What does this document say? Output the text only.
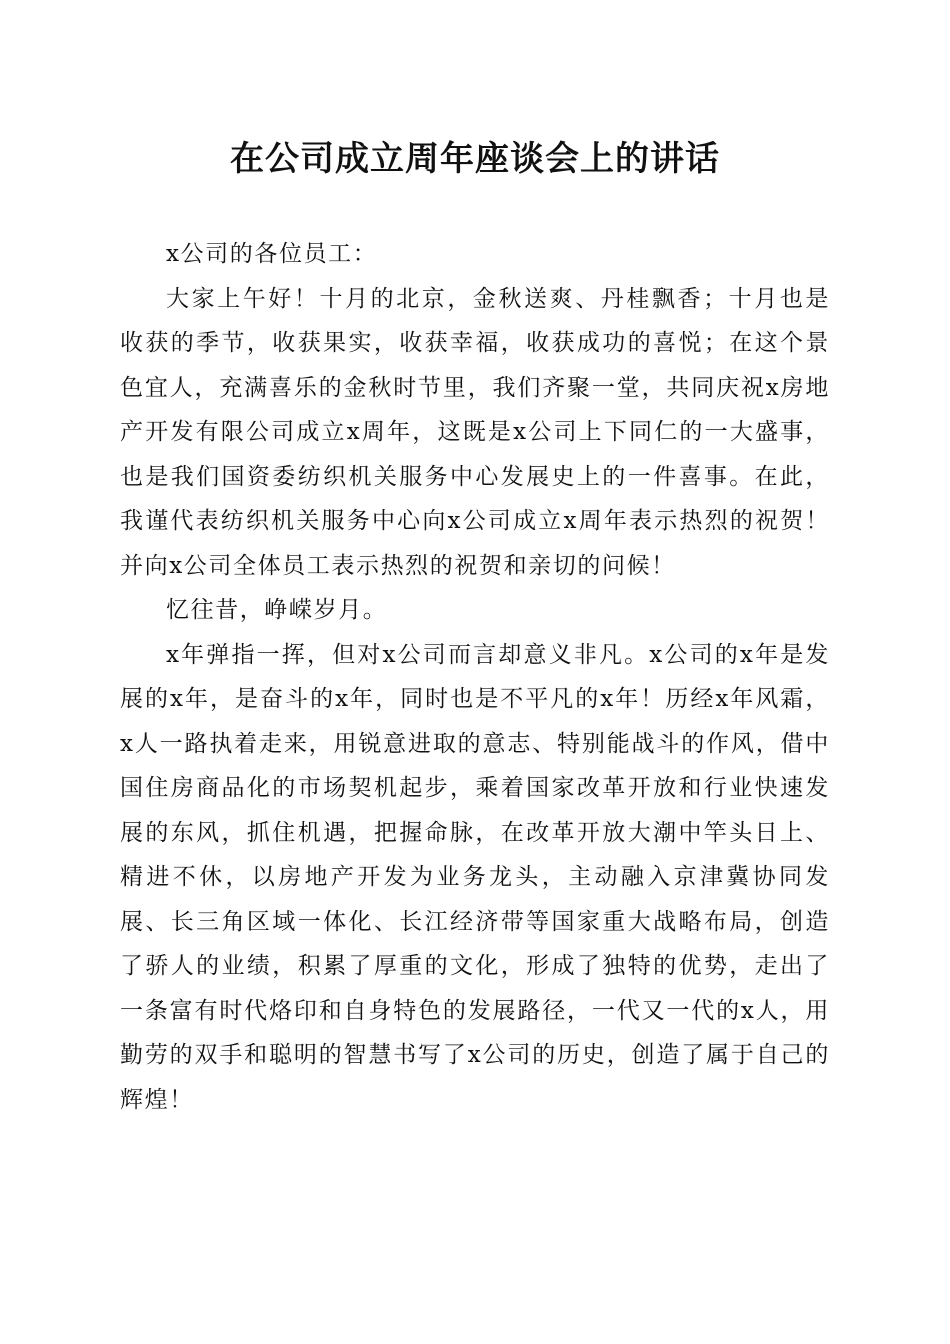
在公司成立周年座谈会上的讲话

x公司的各位员工：

大家上午好！十月的北京，金秋送爽、丹桂飘香；十月也是收获的季节，收获果实，收获幸福，收获成功的喜悦；在这个景色宜人，充满喜乐的金秋时节里，我们齐聚一堂，共同庆祝x房地产开发有限公司成立x周年，这既是x公司上下同仁的一大盛事，也是我们国资委纺织机关服务中心发展史上的一件喜事。在此，我谨代表纺织机关服务中心向x公司成立x周年表示热烈的祝贺！并向x公司全体员工表示热烈的祝贺和亲切的问候！

忆往昔，峥嵘岁月。

x年弹指一挥，但对x公司而言却意义非凡。x公司的x年是发展的x年，是奋斗的x年，同时也是不平凡的x年！历经x年风霜，x人一路执着走来，用锐意进取的意志、特别能战斗的作风，借中国住房商品化的市场契机起步，乘着国家改革开放和行业快速发展的东风，抓住机遇，把握命脉，在改革开放大潮中竿头日上、精进不休，以房地产开发为业务龙头，主动融入京津冀协同发展、长三角区域一体化、长江经济带等国家重大战略布局，创造了骄人的业绩，积累了厚重的文化，形成了独特的优势，走出了一条富有时代烙印和自身特色的发展路径，一代又一代的x人，用勤劳的双手和聪明的智慧书写了x公司的历史，创造了属于自己的辉煌！
